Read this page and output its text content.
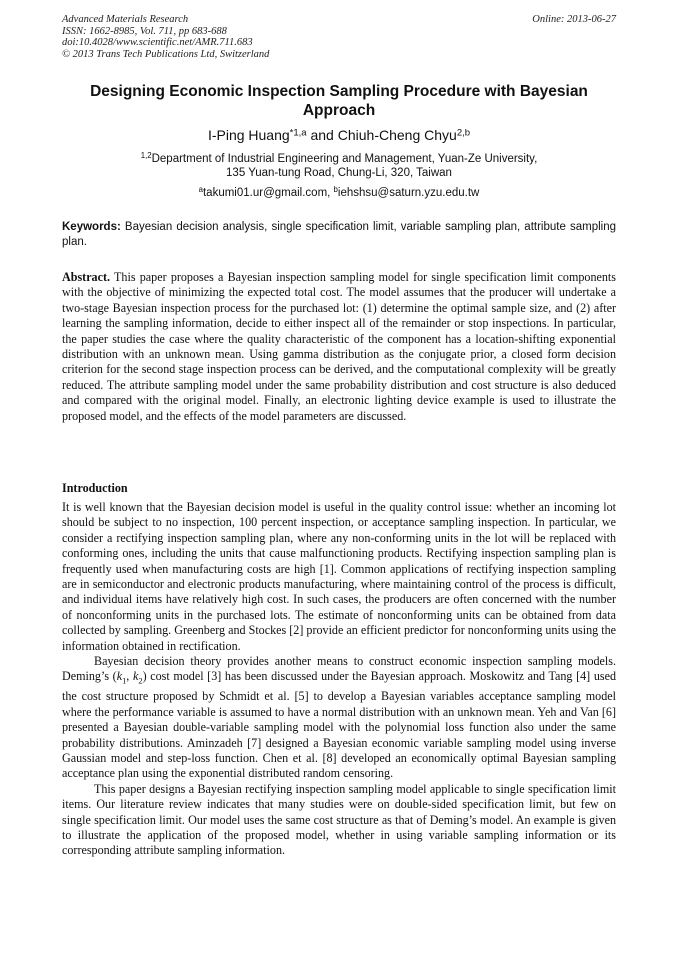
Advanced Materials Research
ISSN: 1662-8985, Vol. 711, pp 683-688
doi:10.4028/www.scientific.net/AMR.711.683
© 2013 Trans Tech Publications Ltd, Switzerland
Online: 2013-06-27
Designing Economic Inspection Sampling Procedure with Bayesian Approach
I-Ping Huang$^{*1,a}$ and Chiuh-Cheng Chyu$^{2,b}$
$^{1,2}$Department of Industrial Engineering and Management, Yuan-Ze University,
135 Yuan-tung Road, Chung-Li, 320, Taiwan
$^a$takumi01.ur@gmail.com, $^b$iehshsu@saturn.yzu.edu.tw
Keywords: Bayesian decision analysis, single specification limit, variable sampling plan, attribute sampling plan.
Abstract. This paper proposes a Bayesian inspection sampling model for single specification limit components with the objective of minimizing the expected total cost. The model assumes that the producer will undertake a two-stage Bayesian inspection process for the purchased lot: (1) determine the optimal sample size, and (2) after learning the sampling information, decide to either inspect all of the remainder or stop inspections. In particular, the paper studies the case where the quality characteristic of the component has a location-shifting exponential distribution with an unknown mean. Using gamma distribution as the conjugate prior, a closed form decision criterion for the second stage inspection process can be derived, and the computational complexity will be greatly reduced. The attribute sampling model under the same probability distribution and cost structure is also deduced and compared with the original model. Finally, an electronic lighting device example is used to illustrate the proposed model, and the effects of the model parameters are discussed.
Introduction

It is well known that the Bayesian decision model is useful in the quality control issue: whether an incoming lot should be subject to no inspection, 100 percent inspection, or acceptance sampling inspection. In particular, we consider a rectifying inspection sampling plan, where any non-conforming units in the lot will be replaced with conforming ones, including the units that cause malfunctioning products. Rectifying inspection sampling plan is frequently used when manufacturing costs are high [1]. Common applications of rectifying inspection sampling are in semiconductor and electronic products manufacturing, where maintaining control of the process is difficult, and individual items have relatively high cost. In such cases, the producers are often concerned with the number of nonconforming units in the purchased lots. The estimate of nonconforming units can be obtained from data collected by sampling. Greenberg and Stockes [2] provide an efficient predictor for nonconforming units using the information obtained in rectification.

Bayesian decision theory provides another means to construct economic inspection sampling models. Deming’s ($k_1$, $k_2$) cost model [3] has been discussed under the Bayesian approach. Moskowitz and Tang [4] used the cost structure proposed by Schmidt et al. [5] to develop a Bayesian variables acceptance sampling model where the performance variable is assumed to have a normal distribution with an unknown mean. Yeh and Van [6] presented a Bayesian double-variable sampling model with the polynomial loss function also under the same probability distributions. Aminzadeh [7] designed a Bayesian economic variable sampling model using inverse Gaussian model and step-loss function. Chen et al. [8] developed an economically optimal Bayesian sampling acceptance plan using the exponential distributed random censoring.

This paper designs a Bayesian rectifying inspection sampling model applicable to single specification limit items. Our literature review indicates that many studies were on double-sided specification limit, but few on single specification limit. Our model uses the same cost structure as that of Deming’s model. An example is given to illustrate the application of the proposed model, whether in using variable sampling information or its corresponding attribute sampling information.
